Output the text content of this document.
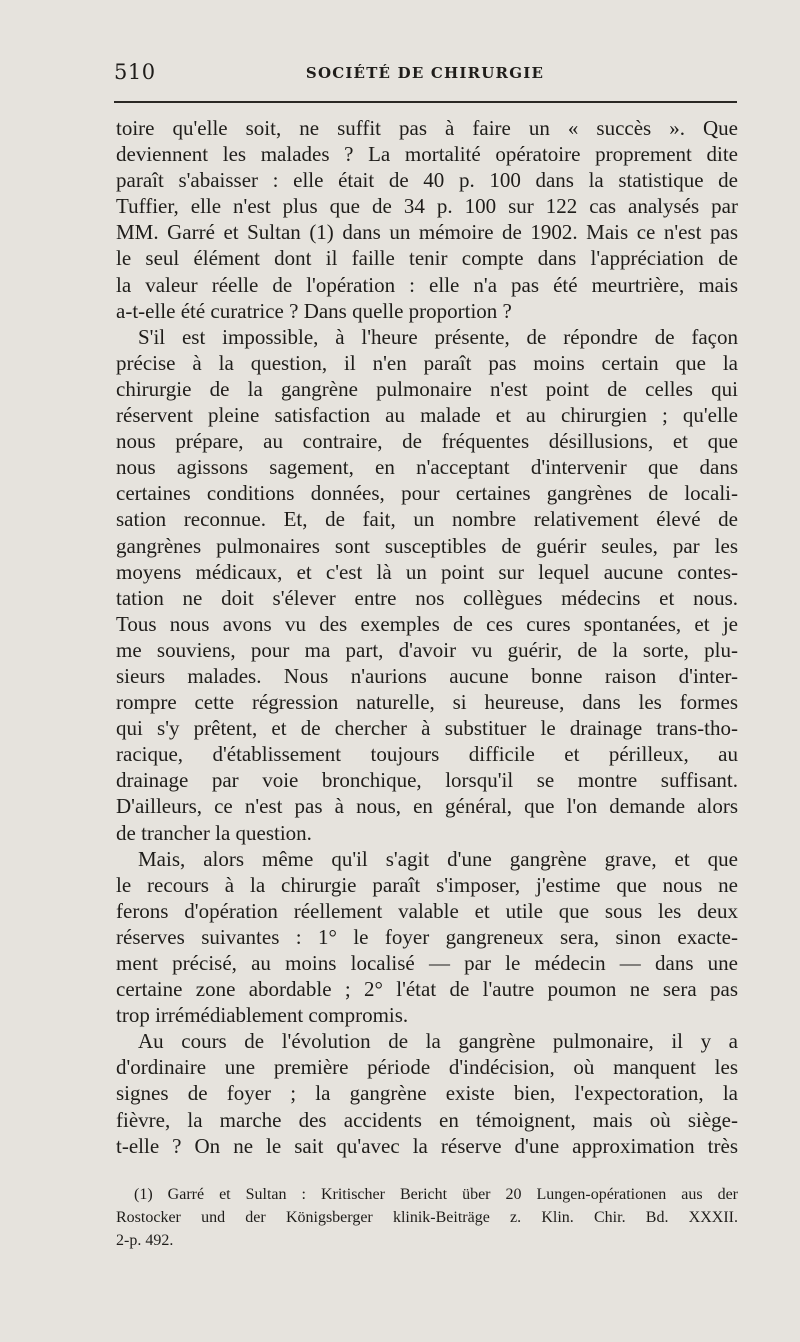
510	SOCIÉTÉ DE CHIRURGIE
toire qu'elle soit, ne suffit pas à faire un « succès ». Que
deviennent les malades ? La mortalité opératoire proprement dite
paraît s'abaisser : elle était de 40 p. 100 dans la statistique de
Tuffier, elle n'est plus que de 34 p. 100 sur 122 cas analysés par
MM. Garré et Sultan (1) dans un mémoire de 1902. Mais ce n'est pas
le seul élément dont il faille tenir compte dans l'appréciation de
la valeur réelle de l'opération : elle n'a pas été meurtrière, mais
a-t-elle été curatrice ? Dans quelle proportion ?
S'il est impossible, à l'heure présente, de répondre de façon
précise à la question, il n'en paraît pas moins certain que la
chirurgie de la gangrène pulmonaire n'est point de celles qui
réservent pleine satisfaction au malade et au chirurgien ; qu'elle
nous prépare, au contraire, de fréquentes désillusions, et que
nous agissons sagement, en n'acceptant d'intervenir que dans
certaines conditions données, pour certaines gangrènes de locali-
sation reconnue. Et, de fait, un nombre relativement élevé de
gangrènes pulmonaires sont susceptibles de guérir seules, par les
moyens médicaux, et c'est là un point sur lequel aucune contes-
tation ne doit s'élever entre nos collègues médecins et nous.
Tous nous avons vu des exemples de ces cures spontanées, et je
me souviens, pour ma part, d'avoir vu guérir, de la sorte, plu-
sieurs malades. Nous n'aurions aucune bonne raison d'inter-
rompre cette régression naturelle, si heureuse, dans les formes
qui s'y prêtent, et de chercher à substituer le drainage trans-tho-
racique, d'établissement toujours difficile et périlleux, au
drainage par voie bronchique, lorsqu'il se montre suffisant.
D'ailleurs, ce n'est pas à nous, en général, que l'on demande alors
de trancher la question.
Mais, alors même qu'il s'agit d'une gangrène grave, et que
le recours à la chirurgie paraît s'imposer, j'estime que nous ne
ferons d'opération réellement valable et utile que sous les deux
réserves suivantes : 1° le foyer gangreneux sera, sinon exacte-
ment précisé, au moins localisé — par le médecin — dans une
certaine zone abordable ; 2° l'état de l'autre poumon ne sera pas
trop irrémédiablement compromis.
Au cours de l'évolution de la gangrène pulmonaire, il y a
d'ordinaire une première période d'indécision, où manquent les
signes de foyer ; la gangrène existe bien, l'expectoration, la
fièvre, la marche des accidents en témoignent, mais où siège-
t-elle ? On ne le sait qu'avec la réserve d'une approximation très
(1) Garré et Sultan : Kritischer Bericht über 20 Lungen-opérationen aus der
Rostocker und der Königsberger klinik-Beiträge z. Klin. Chir. Bd. XXXII.
2-p. 492.
